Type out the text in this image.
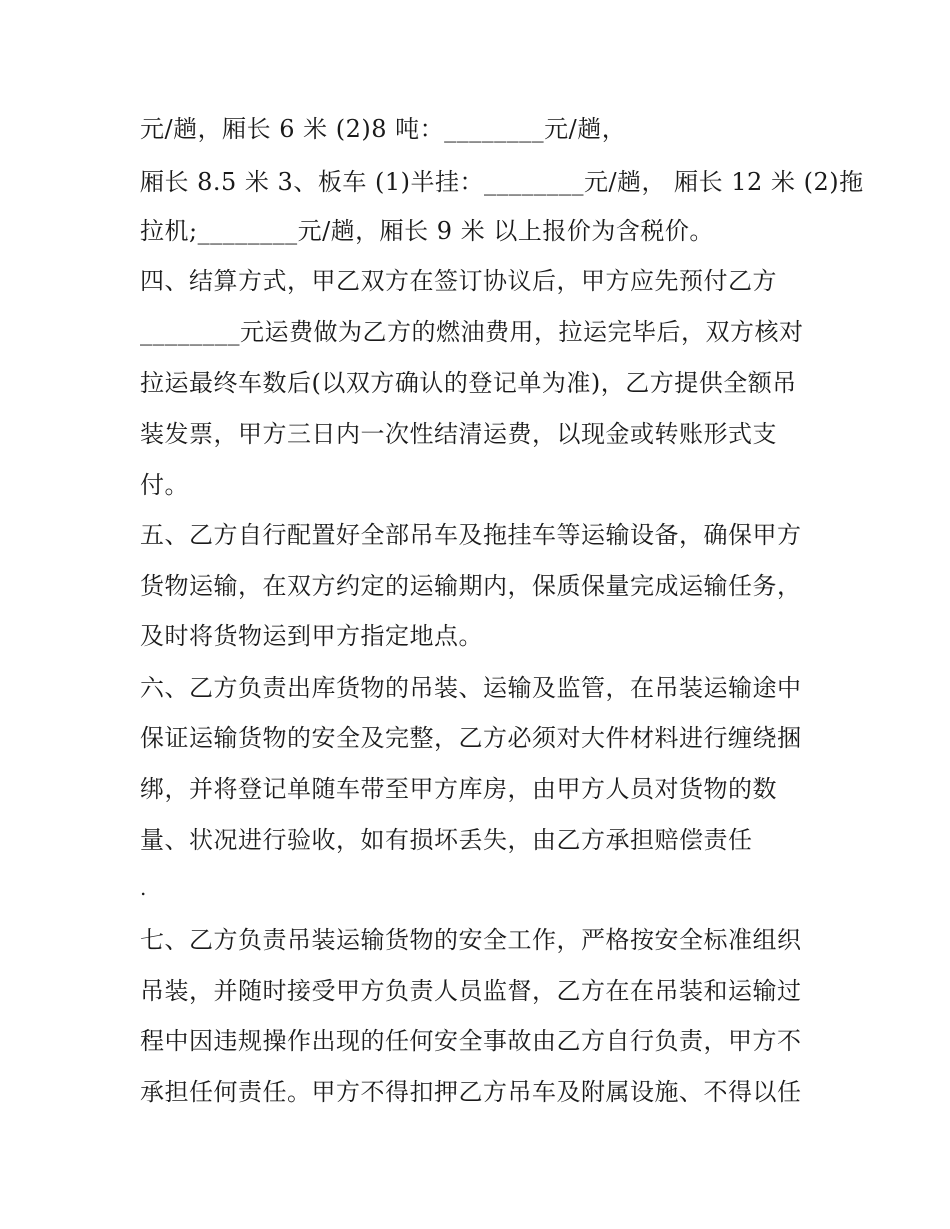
元/趟，厢长 6 米 (2)8 吨：________元/趟，
厢长 8.5 米 3、板车 (1)半挂：________元/趟， 厢长 12 米 (2)拖
拉机;________元/趟，厢长 9 米 以上报价为含税价。
四、结算方式，甲乙双方在签订协议后，甲方应先预付乙方
________元运费做为乙方的燃油费用，拉运完毕后，双方核对
拉运最终车数后(以双方确认的登记单为准)，乙方提供全额吊
装发票，甲方三日内一次性结清运费，以现金或转账形式支
付。
五、乙方自行配置好全部吊车及拖挂车等运输设备，确保甲方
货物运输，在双方约定的运输期内，保质保量完成运输任务，
及时将货物运到甲方指定地点。
六、乙方负责出库货物的吊装、运输及监管，在吊装运输途中
保证运输货物的安全及完整，乙方必须对大件材料进行缠绕捆
绑，并将登记单随车带至甲方库房，由甲方人员对货物的数
量、状况进行验收，如有损坏丢失，由乙方承担赔偿责任
.
七、乙方负责吊装运输货物的安全工作，严格按安全标准组织
吊装，并随时接受甲方负责人员监督，乙方在在吊装和运输过
程中因违规操作出现的任何安全事故由乙方自行负责，甲方不
承担任何责任。甲方不得扣押乙方吊车及附属设施、不得以任
